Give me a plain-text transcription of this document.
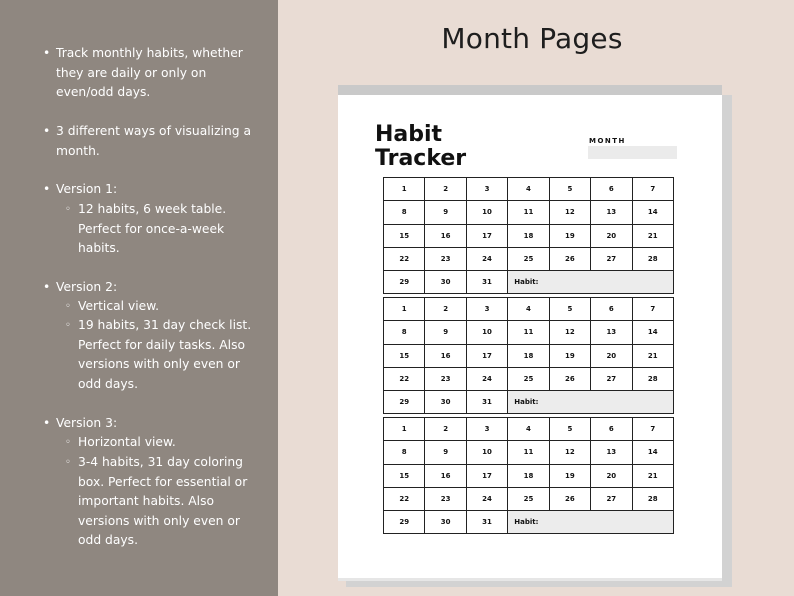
• Track monthly habits, whether
they are daily or only on
even/odd days.
• 3 different ways of visualizing a
month.
• Version 1:
◦ 12 habits, 6 week table.
Perfect for once-a-week
habits.
• Version 2:
◦ Vertical view.
◦ 19 habits, 31 day check list.
Perfect for daily tasks. Also
versions with only even or
odd days.
• Version 3:
◦ Horizontal view.
◦ 3-4 habits, 31 day coloring
box. Perfect for essential or
important habits. Also
versions with only even or
odd days.
Month Pages
Habit
Tracker
MONTH
1	2	3	4	5	6	7
8	9	10	11	12	13	14
15	16	17	18	19	20	21
22	23	24	25	26	27	28
29	30	31	Habit:			
1	2	3	4	5	6	7
8	9	10	11	12	13	14
15	16	17	18	19	20	21
22	23	24	25	26	27	28
29	30	31	Habit:			
1	2	3	4	5	6	7
8	9	10	11	12	13	14
15	16	17	18	19	20	21
22	23	24	25	26	27	28
29	30	31	Habit:			
